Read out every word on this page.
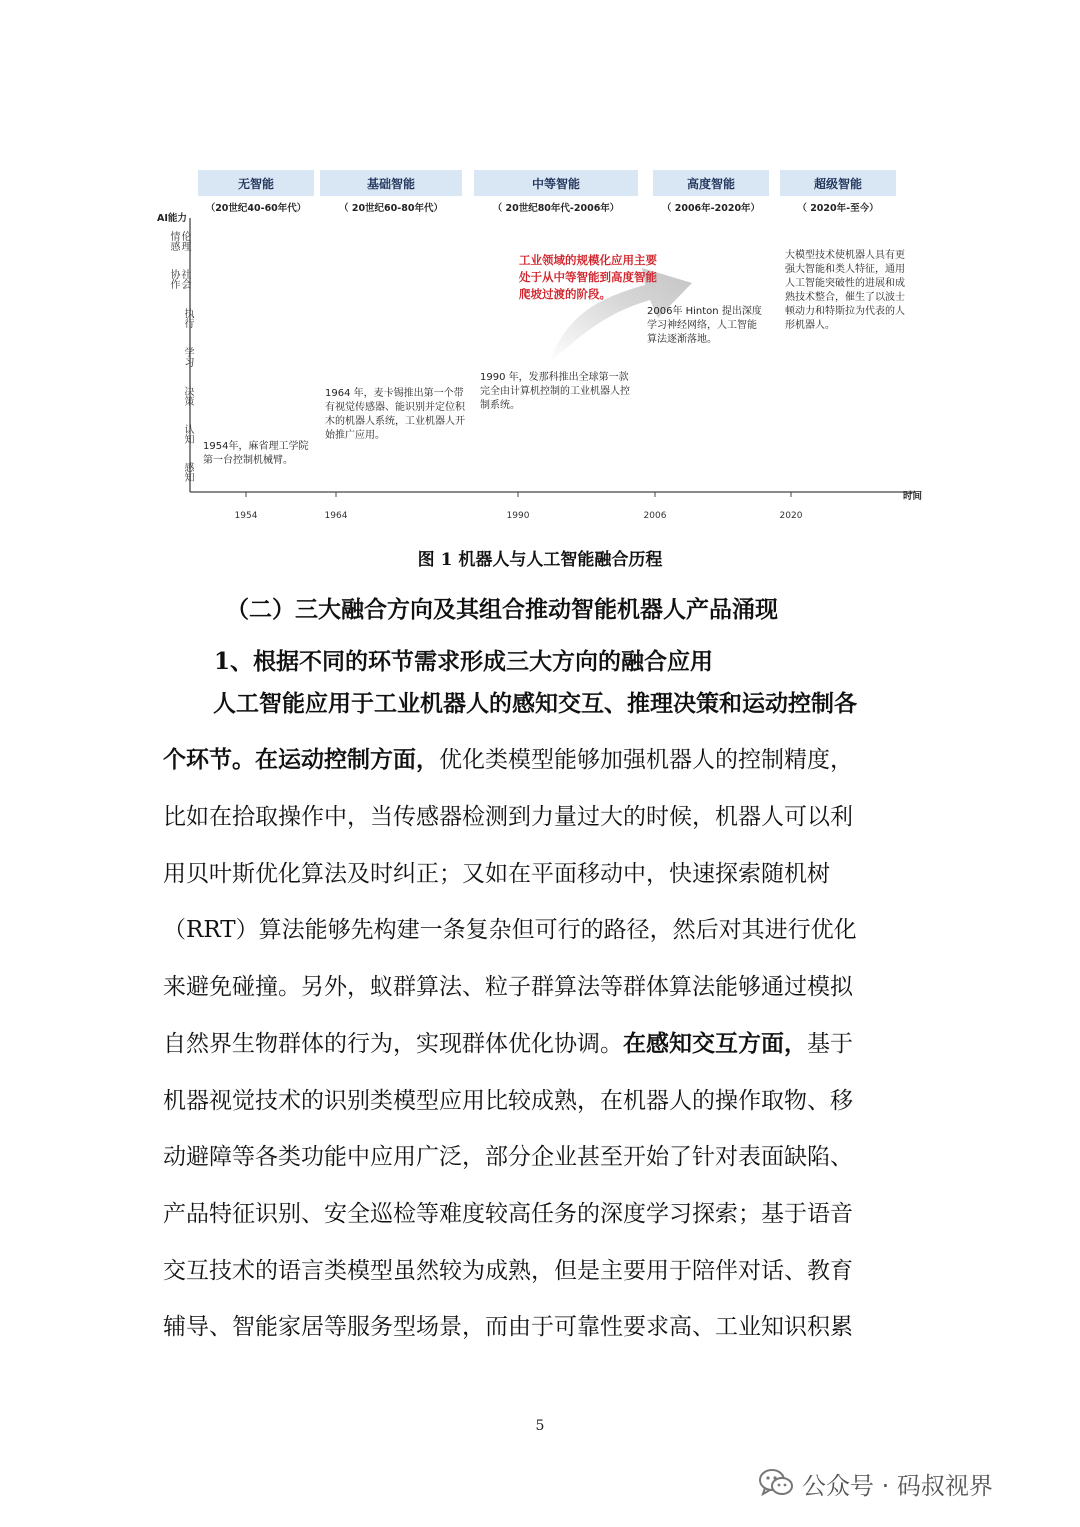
无智能	基础智能	中等智能	高度智能	超级智能
（20世纪40-60年代）	（ 20世纪60-80年代）	（ 20世纪80年代-2006年）	（ 2006年-2020年）	（ 2020年-至今）
AI能力
时间
伦理情感
社会协作
执行
学习
决策
认知
感知
1954	1964	1990	2006	2020
1954年，麻省理工学院第一台控制机械臂。
1964 年，麦卡锡推出第一个带有视觉传感器、能识别并定位积木的机器人系统，工业机器人开始推广应用。
1990 年，发那科推出全球第一款完全由计算机控制的工业机器人控制系统。
2006年 Hinton 提出深度学习神经网络，人工智能算法逐渐落地。
大模型技术使机器人具有更强大智能和类人特征，通用人工智能突破性的进展和成熟技术整合，催生了以波士顿动力和特斯拉为代表的人形机器人。
工业领域的规模化应用主要处于从中等智能到高度智能爬坡过渡的阶段。
图 1 机器人与人工智能融合历程
（二）三大融合方向及其组合推动智能机器人产品涌现
1、根据不同的环节需求形成三大方向的融合应用
人工智能应用于工业机器人的感知交互、推理决策和运动控制各
个环节。在运动控制方面，优化类模型能够加强机器人的控制精度，
比如在拾取操作中，当传感器检测到力量过大的时候，机器人可以利
用贝叶斯优化算法及时纠正；又如在平面移动中，快速探索随机树
（RRT）算法能够先构建一条复杂但可行的路径，然后对其进行优化
来避免碰撞。另外，蚁群算法、粒子群算法等群体算法能够通过模拟
自然界生物群体的行为，实现群体优化协调。在感知交互方面，基于
机器视觉技术的识别类模型应用比较成熟，在机器人的操作取物、移
动避障等各类功能中应用广泛，部分企业甚至开始了针对表面缺陷、
产品特征识别、安全巡检等难度较高任务的深度学习探索；基于语音
交互技术的语言类模型虽然较为成熟，但是主要用于陪伴对话、教育
辅导、智能家居等服务型场景，而由于可靠性要求高、工业知识积累
5
公众号 · 码叔视界
